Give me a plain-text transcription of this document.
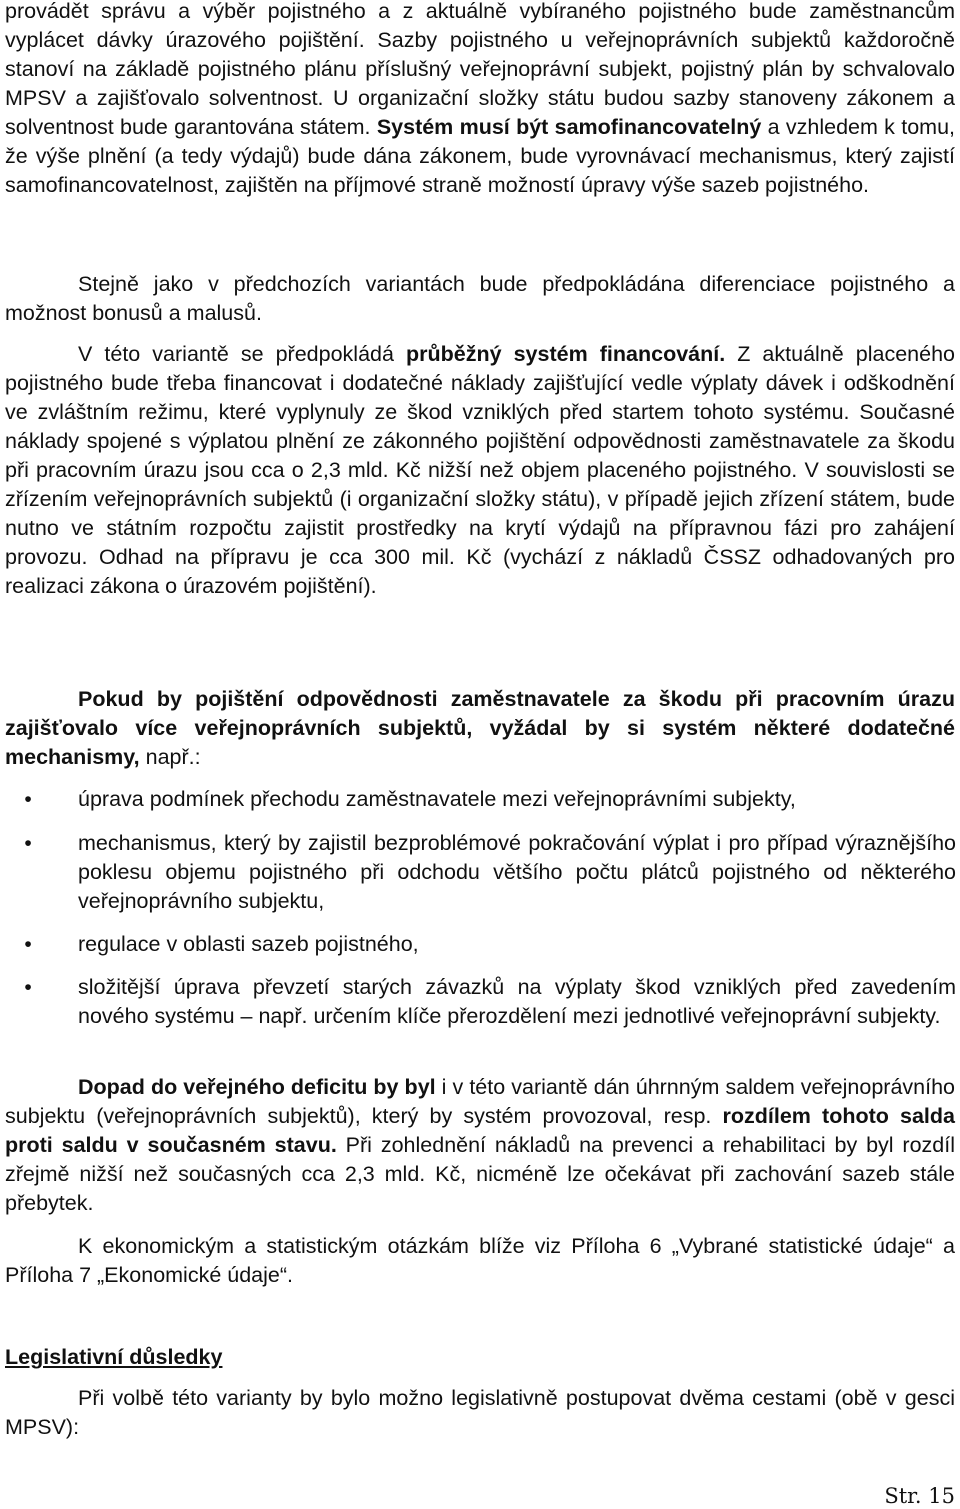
provádět správu a výběr pojistného a z aktuálně vybíraného pojistného bude zaměstnancům vyplácet dávky úrazového pojištění. Sazby pojistného u veřejnoprávních subjektů každoročně stanoví na základě pojistného plánu příslušný veřejnoprávní subjekt, pojistný plán by schvalovalo MPSV a zajišťovalo solventnost. U organizační složky státu budou sazby stanoveny zákonem a solventnost bude garantována státem. Systém musí být samofinancovatelný a vzhledem k tomu, že výše plnění (a tedy výdajů) bude dána zákonem, bude vyrovnávací mechanismus, který zajistí samofinancovatelnost, zajištěn na příjmové straně možností úpravy výše sazeb pojistného.

Stejně jako v předchozích variantách bude předpokládána diferenciace pojistného a možnost bonusů a malusů.

V této variantě se předpokládá průběžný systém financování. Z aktuálně placeného pojistného bude třeba financovat i dodatečné náklady zajišťující vedle výplaty dávek i odškodnění ve zvláštním režimu, které vyplynuly ze škod vzniklých před startem tohoto systému. Současné náklady spojené s výplatou plnění ze zákonného pojištění odpovědnosti zaměstnavatele za škodu při pracovním úrazu jsou cca o 2,3 mld. Kč nižší než objem placeného pojistného. V souvislosti se zřízením veřejnoprávních subjektů (i organizační složky státu), v případě jejich zřízení státem, bude nutno ve státním rozpočtu zajistit prostředky na krytí výdajů na přípravnou fázi pro zahájení provozu. Odhad na přípravu je cca 300 mil. Kč (vychází z nákladů ČSSZ odhadovaných pro realizaci zákona o úrazovém pojištění).

Pokud by pojištění odpovědnosti zaměstnavatele za škodu při pracovním úrazu zajišťovalo více veřejnoprávních subjektů, vyžádal by si systém některé dodatečné mechanismy, např.:

• úprava podmínek přechodu zaměstnavatele mezi veřejnoprávními subjekty,
• mechanismus, který by zajistil bezproblémové pokračování výplat i pro případ výraznějšího poklesu objemu pojistného při odchodu většího počtu plátců pojistného od některého veřejnoprávního subjektu,
• regulace v oblasti sazeb pojistného,
• složitější úprava převzetí starých závazků na výplaty škod vzniklých před zavedením nového systému – např. určením klíče přerozdělení mezi jednotlivé veřejnoprávní subjekty.

Dopad do veřejného deficitu by byl i v této variantě dán úhrnným saldem veřejnoprávního subjektu (veřejnoprávních subjektů), který by systém provozoval, resp. rozdílem tohoto salda proti saldu v současném stavu. Při zohlednění nákladů na prevenci a rehabilitaci by byl rozdíl zřejmě nižší než současných cca 2,3 mld. Kč, nicméně lze očekávat při zachování sazeb stále přebytek.

K ekonomickým a statistickým otázkám blíže viz Příloha 6 „Vybrané statistické údaje“ a Příloha 7 „Ekonomické údaje“.

Legislativní důsledky

Při volbě této varianty by bylo možno legislativně postupovat dvěma cestami (obě v gesci MPSV):

Str. 15
